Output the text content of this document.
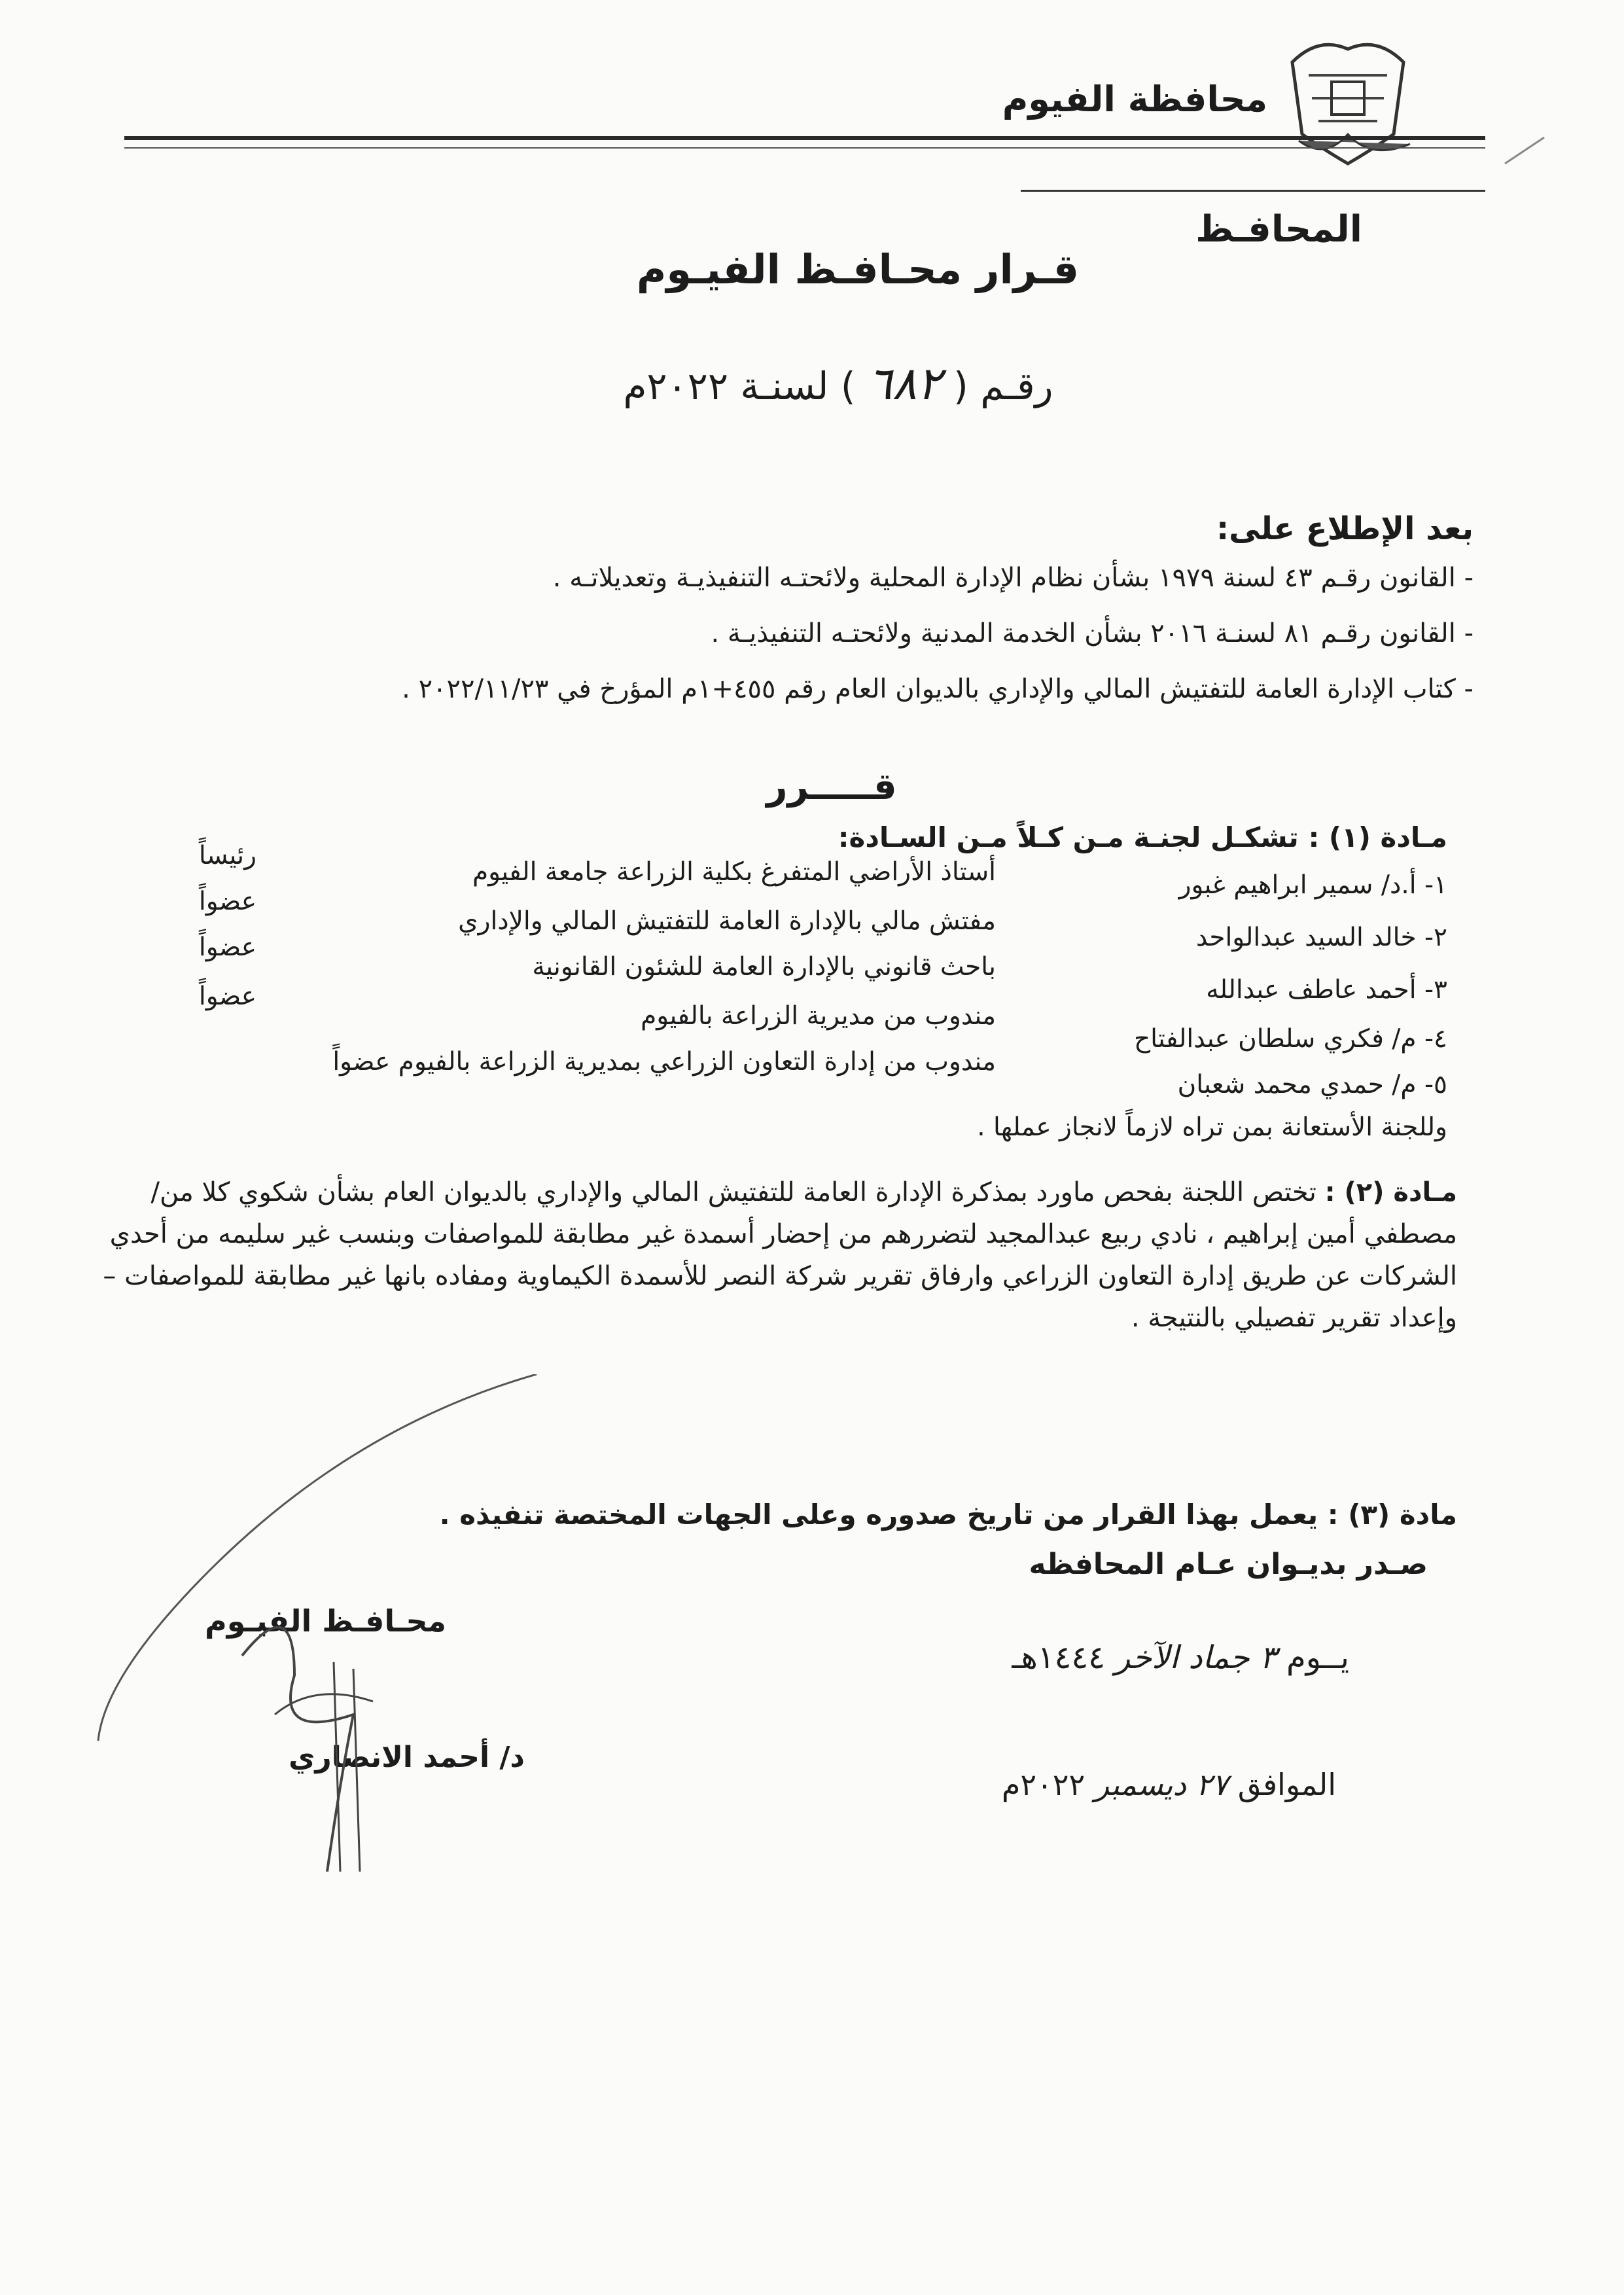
محافظة الفيوم
المحافـظ
قـرار محـافـظ الفيـوم
رقـم ( ٦٨٢ ) لسنـة ٢٠٢٢م
بعد الإطلاع على:
- القانون رقـم ٤٣ لسنة ١٩٧٩ بشأن نظام الإدارة المحلية ولائحتـه التنفيذيـة وتعديلاتـه .
- القانون رقـم ٨١ لسنـة ٢٠١٦ بشأن الخدمة المدنية ولائحتـه التنفيذيـة .
- كتاب الإدارة العامة للتفتيش المالي والإداري بالديوان العام رقم ٤٥٥+١م المؤرخ في ٢٠٢٢/١١/٢٣ .
قـــــرر
مـادة (١) : تشكـل لجنـة مـن كـلاً مـن السـادة:
١- أ.د/ سمير ابراهيم غبور
أستاذ الأراضي المتفرغ بكلية الزراعة جامعة الفيوم
رئيساً
٢- خالد السيد عبدالواحد
مفتش مالي بالإدارة العامة للتفتيش المالي والإداري
عضواً
٣- أحمد عاطف عبدالله
باحث قانوني بالإدارة العامة للشئون القانونية
عضواً
٤- م/ فكري سلطان عبدالفتاح
مندوب من مديرية الزراعة بالفيوم
عضواً
٥- م/ حمدي محمد شعبان
مندوب من إدارة التعاون الزراعي بمديرية الزراعة بالفيوم عضواً
وللجنة الأستعانة بمن تراه لازماً لانجاز عملها .
مـادة (٢) : تختص اللجنة بفحص ماورد بمذكرة الإدارة العامة للتفتيش المالي والإداري بالديوان العام بشأن شكوي كلا من/ مصطفي أمين إبراهيم ، نادي ربيع عبدالمجيد لتضررهم من إحضار أسمدة غير مطابقة للمواصفات وبنسب غير سليمه من أحدي الشركات عن طريق إدارة التعاون الزراعي وارفاق تقرير شركة النصر للأسمدة الكيماوية ومفاده بانها غير مطابقة للمواصفات – وإعداد تقرير تفصيلي بالنتيجة .
مادة (٣) : يعمل بهذا القرار من تاريخ صدوره وعلى الجهات المختصة تنفيذه .
صـدر بديـوان عـام المحافظه
يــوم ٣ جماد الآخر ١٤٤٤هـ
الموافق ٢٧ ديسمبر ٢٠٢٢م
محـافـظ الفيـوم
د/ أحمد الانصاري
